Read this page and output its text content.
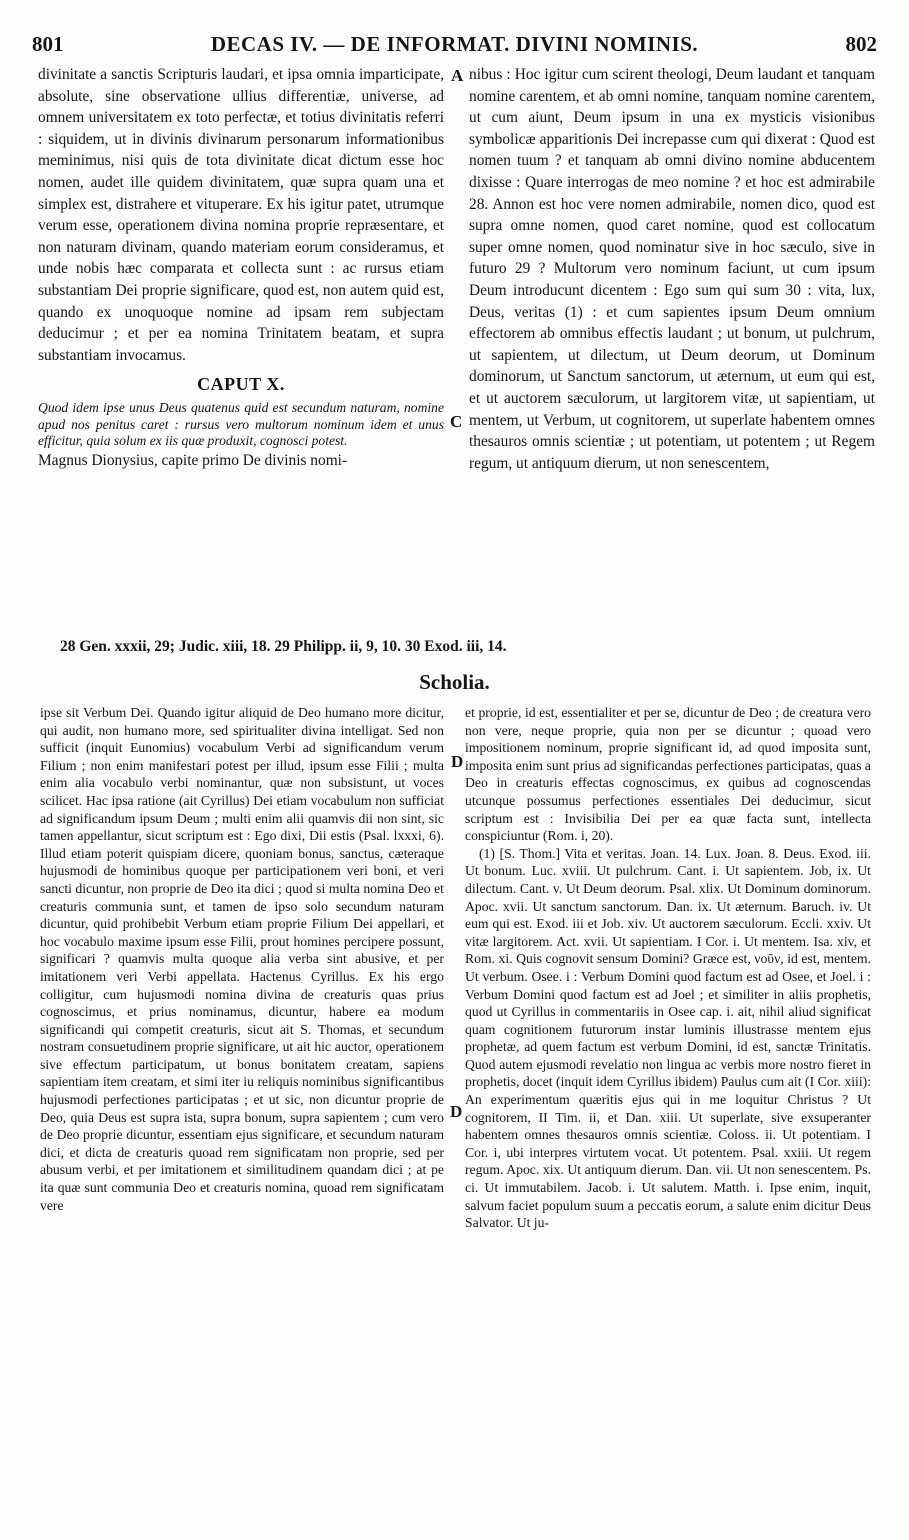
801	DECAS IV. — DE INFORMAT. DIVINI NOMINIS.	802

divinitate a sanctis Scripturis laudari, et ipsa omnia imparticipate, absolute, sine observatione ullius differentiæ, universe, ad omnem universitatem ex toto perfectæ, et totius divinitatis referri : siquidem, ut in divinis divinarum personarum informationibus meminimus, nisi quis de tota divinitate dicat dictum esse hoc nomen, audet ille quidem divinitatem, quæ supra quam una et simplex est, distrahere et vituperare. Ex his igitur patet, utrumque verum esse, operationem divina nomina proprie repræsentare, et non naturam divinam, quando materiam eorum consideramus, et unde nobis hæc comparata et collecta sunt : ac rursus etiam substantiam Dei proprie significare, quod est, non autem quid est, quando ex unoquoque nomine ad ipsam rem subjectam deducimur ; et per ea nomina Trinitatem beatam, et supra substantiam invocamus.

CAPUT X.

Quod idem ipse unus Deus quatenus quid est secundum naturam, nomine apud nos penitus caret : rursus vero multorum nominum idem et unus efficitur, quia solum ex iis quæ produxit, cognosci potest.

Magnus Dionysius, capite primo De divinis nomi-

nibus : Hoc igitur cum scirent theologi, Deum laudant et tanquam nomine carentem, et ab omni nomine, tanquam nomine carentem, ut cum aiunt, Deum ipsum in una ex mysticis visionibus symbolicæ apparitionis Dei increpasse cum qui dixerat : Quod est nomen tuum ? et tanquam ab omni divino nomine abducentem dixisse : Quare interrogas de meo nomine ? et hoc est admirabile 28. Annon est hoc vere nomen admirabile, nomen dico, quod est supra omne nomen, quod caret nomine, quod est collocatum super omne nomen, quod nominatur sive in hoc sæculo, sive in futuro 29 ? Multorum vero nominum faciunt, ut cum ipsum Deum introducunt dicentem : Ego sum qui sum 30 : vita, lux, Deus, veritas (1) : et cum sapientes ipsum Deum omnium effectorem ab omnibus effectis laudant ; ut bonum, ut pulchrum, ut sapientem, ut dilectum, ut Deum deorum, ut Dominum dominorum, ut Sanctum sanctorum, ut æternum, ut eum qui est, et ut auctorem sæculorum, ut largitorem vitæ, ut sapientiam, ut mentem, ut Verbum, ut cognitorem, ut superlate habentem omnes thesauros omnis scientiæ ; ut potentiam, ut potentem ; ut Regem regum, ut antiquum dierum, ut non senescentem,

A
C
D
D
28 Gen. xxxii, 29; Judic. xiii, 18. 29 Philipp. ii, 9, 10. 30 Exod. iii, 14.
Scholia.

ipse sit Verbum Dei. Quando igitur aliquid de Deo humano more dicitur, qui audit, non humano more, sed spiritualiter divina intelligat. Sed non sufficit (inquit Eunomius) vocabulum Verbi ad significandum verum Filium ; non enim manifestari potest per illud, ipsum esse Filii ; multa enim alia vocabulo verbi nominantur, quæ non subsistunt, ut voces scilicet. Hac ipsa ratione (ait Cyrillus) Dei etiam vocabulum non sufficiat ad significandum ipsum Deum ; multi enim alii quamvis dii non sint, sic tamen appellantur, sicut scriptum est : Ego dixi, Dii estis (Psal. lxxxi, 6). Illud etiam poterit quispiam dicere, quoniam bonus, sanctus, cæteraque hujusmodi de hominibus quoque per participationem veri boni, et veri sancti dicuntur, non proprie de Deo ita dici ; quod si multa nomina Deo et creaturis communia sunt, et tamen de ipso solo secundum naturam dicuntur, quid prohibebit Verbum etiam proprie Filium Dei appellari, et hoc vocabulo maxime ipsum esse Filii, prout homines percipere possunt, significari ? quamvis multa quoque alia verba sint abusive, et per imitationem veri Verbi appellata. Hactenus Cyrillus. Ex his ergo colligitur, cum hujusmodi nomina divina de creaturis quas prius cognoscimus, et prius nominamus, dicuntur, habere ea modum significandi qui competit creaturis, sicut ait S. Thomas, et secundum nostram consuetudinem proprie significare, ut ait hic auctor, operationem sive effectum participatum, ut bonus bonitatem creatam, sapiens sapientiam item creatam, et simi iter iu reliquis nominibus significantibus hujusmodi perfectiones participatas ; et ut sic, non dicuntur proprie de Deo, quia Deus est supra ista, supra bonum, supra sapientem ; cum vero de Deo proprie dicuntur, essentiam ejus significare, et secundum naturam dici, et dicta de creaturis quoad rem significatam non proprie, sed per abusum verbi, et per imitationem et similitudinem quandam dici ; at pe ita quæ sunt communia Deo et creaturis nomina, quoad rem significatam vere

et proprie, id est, essentialiter et per se, dicuntur de Deo ; de creatura vero non vere, neque proprie, quia non per se dicuntur ; quoad vero impositionem nominum, proprie significant id, ad quod imposita sunt, imposita enim sunt prius ad significandas perfectiones participatas, quas a Deo in creaturis effectas cognoscimus, ex quibus ad cognoscendas utcunque possumus perfectiones essentiales Dei deducimur, sicut scriptum est : Invisibilia Dei per ea quæ facta sunt, intellecta conspiciuntur (Rom. i, 20).

(1) [S. Thom.] Vita et veritas. Joan. 14. Lux. Joan. 8. Deus. Exod. iii. Ut bonum. Luc. xviii. Ut pulchrum. Cant. i. Ut sapientem. Job, ix. Ut dilectum. Cant. v. Ut Deum deorum. Psal. xlix. Ut Dominum dominorum. Apoc. xvii. Ut sanctum sanctorum. Dan. ix. Ut æternum. Baruch. iv. Ut eum qui est. Exod. iii et Job. xiv. Ut auctorem sæculorum. Eccli. xxiv. Ut vitæ largitorem. Act. xvii. Ut sapientiam. I Cor. i. Ut mentem. Isa. xiv, et Rom. xi. Quis cognovit sensum Domini? Græce est, νοῦν, id est, mentem. Ut verbum. Osee. i : Verbum Domini quod factum est ad Osee, et Joel. i : Verbum Domini quod factum est ad Joel ; et similiter in aliis prophetis, quod ut Cyrillus in commentariis in Osee cap. i. ait, nihil aliud significat quam cognitionem futurorum instar luminis illustrasse mentem ejus prophetæ, ad quem factum est verbum Domini, id est, sanctæ Trinitatis. Quod autem ejusmodi revelatio non lingua ac verbis more nostro fieret in prophetis, docet (inquit idem Cyrillus ibidem) Paulus cum ait (I Cor. xiii): An experimentum quæritis ejus qui in me loquitur Christus ? Ut cognitorem, II Tim. ii, et Dan. xiii. Ut superlate, sive exsuperanter habentem omnes thesauros omnis scientiæ. Coloss. ii. Ut potentiam. I Cor. i, ubi interpres virtutem vocat. Ut potentem. Psal. xxiii. Ut regem regum. Apoc. xix. Ut antiquum dierum. Dan. vii. Ut non senescentem. Ps. ci. Ut immutabilem. Jacob. i. Ut salutem. Matth. i. Ipse enim, inquit, salvum faciet populum suum a peccatis eorum, a salute enim dicitur Deus Salvator. Ut ju-
